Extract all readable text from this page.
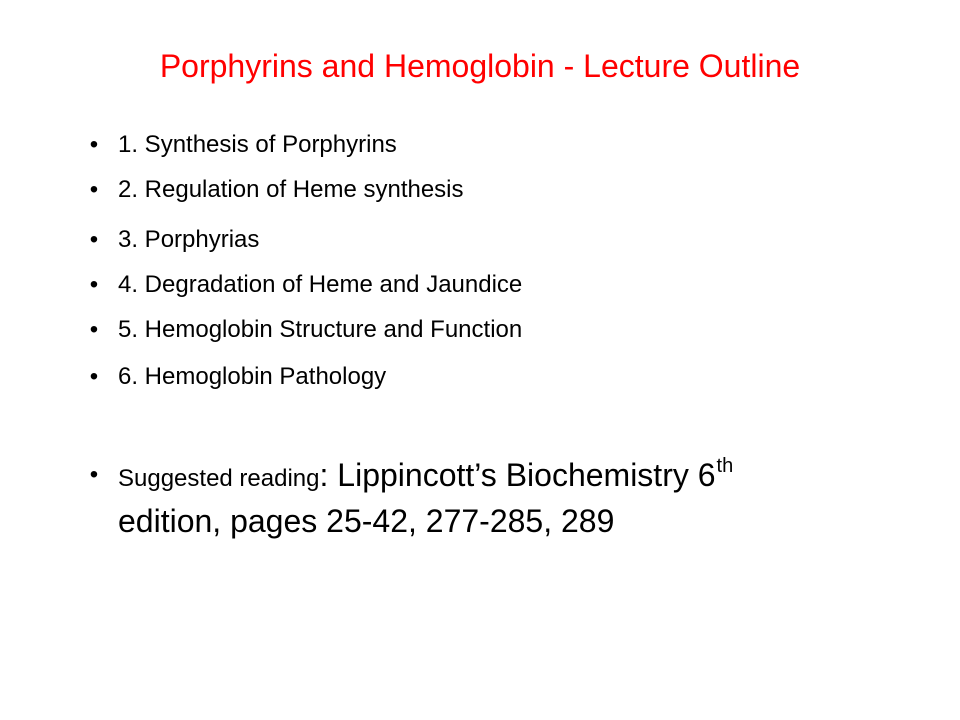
Porphyrins and Hemoglobin - Lecture Outline
• 1. Synthesis of Porphyrins
• 2. Regulation of Heme synthesis
• 3. Porphyrias
• 4. Degradation of Heme and Jaundice
• 5. Hemoglobin Structure and Function
• 6. Hemoglobin Pathology
• Suggested reading: Lippincott’s Biochemistry 6th
edition, pages 25-42, 277-285, 289
